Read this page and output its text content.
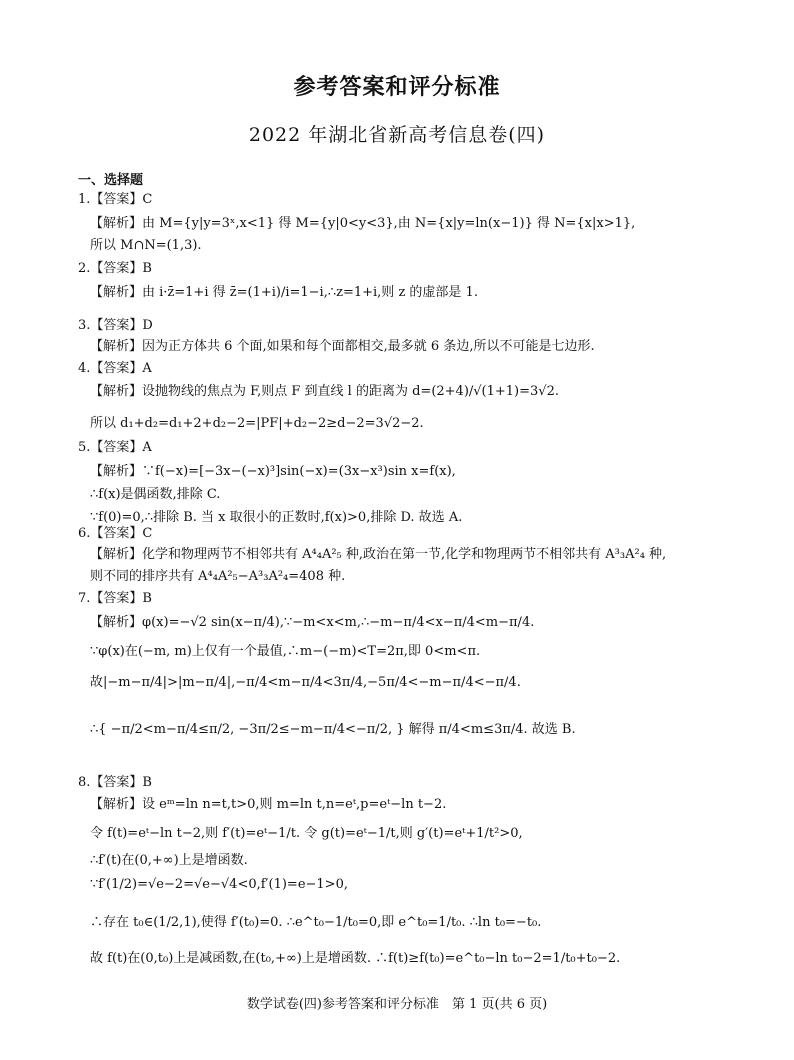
参考答案和评分标准
2022 年湖北省新高考信息卷(四)
一、选择题
1.【答案】C
【解析】由 M={y|y=3ˣ,x<1} 得 M={y|0<y<3},由 N={x|y=ln(x−1)} 得 N={x|x>1},
所以 M∩N=(1,3).
2.【答案】B
【解析】由 i·z̄=1+i 得 z̄=(1+i)/i=1−i,∴z=1+i,则 z 的虚部是 1.
3.【答案】D
【解析】因为正方体共 6 个面,如果和每个面都相交,最多就 6 条边,所以不可能是七边形.
4.【答案】A
【解析】设抛物线的焦点为 F,则点 F 到直线 l 的距离为 d=(2+4)/√(1+1)=3√2.
所以 d₁+d₂=d₁+2+d₂−2=|PF|+d₂−2≥d−2=3√2−2.
5.【答案】A
【解析】∵f(−x)=[−3x−(−x)³]sin(−x)=(3x−x³)sin x=f(x),
∴f(x)是偶函数,排除 C.
∵f(0)=0,∴排除 B. 当 x 取很小的正数时,f(x)>0,排除 D. 故选 A.
6.【答案】C
【解析】化学和物理两节不相邻共有 A⁴₄A²₅ 种,政治在第一节,化学和物理两节不相邻共有 A³₃A²₄ 种,
则不同的排序共有 A⁴₄A²₅−A³₃A²₄=408 种.
7.【答案】B
【解析】φ(x)=−√2 sin(x−π/4),∵−m<x<m,∴−m−π/4<x−π/4<m−π/4.
∵φ(x)在(−m, m)上仅有一个最值,∴m−(−m)<T=2π,即 0<m<π.
故|−m−π/4|>|m−π/4|,−π/4<m−π/4<3π/4,−5π/4<−m−π/4<−π/4.
∴{ −π/2<m−π/4≤π/2, −3π/2≤−m−π/4<−π/2, } 解得 π/4<m≤3π/4. 故选 B.
8.【答案】B
【解析】设 eᵐ=ln n=t,t>0,则 m=ln t,n=eᵗ,p=eᵗ−ln t−2.
令 f(t)=eᵗ−ln t−2,则 f′(t)=eᵗ−1/t. 令 g(t)=eᵗ−1/t,则 g′(t)=eᵗ+1/t²>0,
∴f′(t)在(0,+∞)上是增函数.
∵f′(1/2)=√e−2=√e−√4<0,f′(1)=e−1>0,
∴存在 t₀∈(1/2,1),使得 f′(t₀)=0. ∴e^t₀−1/t₀=0,即 e^t₀=1/t₀. ∴ln t₀=−t₀.
故 f(t)在(0,t₀)上是减函数,在(t₀,+∞)上是增函数. ∴f(t)≥f(t₀)=e^t₀−ln t₀−2=1/t₀+t₀−2.
数学试卷(四)参考答案和评分标准　第 1 页(共 6 页)
